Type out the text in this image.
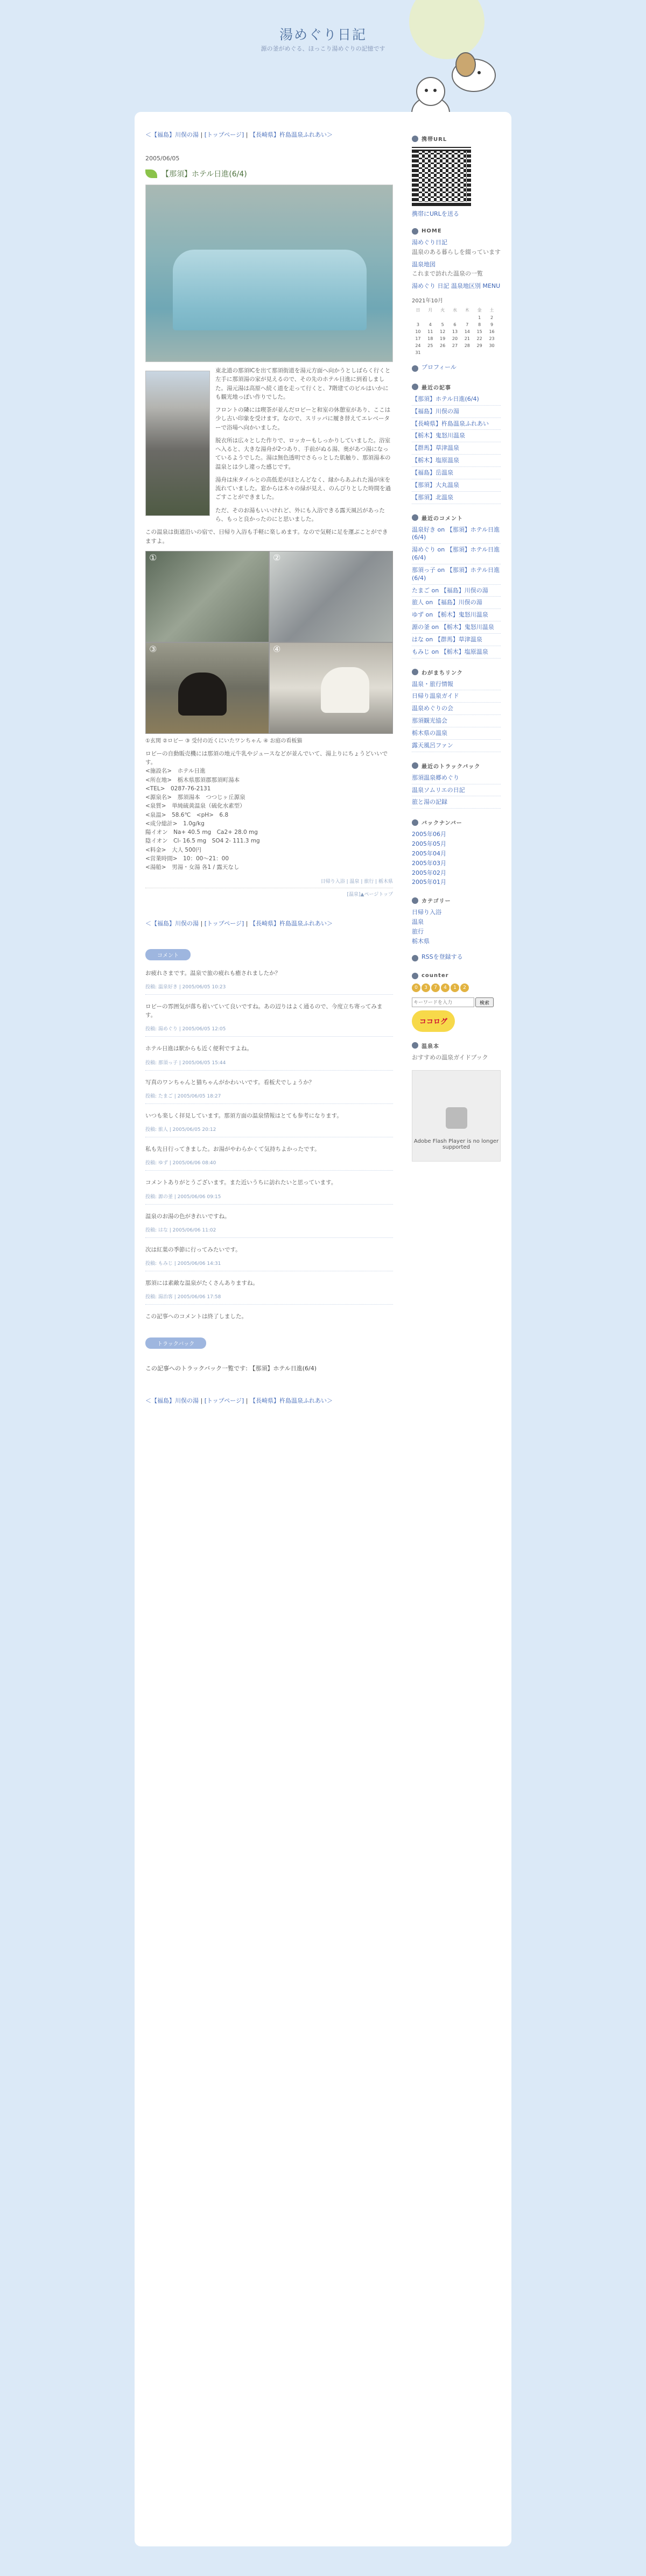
湯めぐり日記
源の釜がめぐる、ほっこり湯めぐりの記憶です
＜【福島】川俣の湯 | [トップページ] | 【長崎県】杵島温泉ふれあい＞
2005/06/05
【那須】ホテル日進(6/4)

東北道の那須ICを出て那須街道を湯元方面へ向かうとしばらく行くと左手に那須湯の家が見えるので、その先のホテル日進に到着しました。湯元湯は高原へ続く道を走って行くと、7階建てのビルはいかにも観光地っぽい作りでした。

フロントの隣には喫茶が並んだロビーと和室の休憩室があり、ここは少し古い印象を受けます。なので、スリッパに履き替えてエレベーターで浴場へ向かいました。

脱衣所は広々とした作りで、ロッカーもしっかりしていました。浴室へ入ると、大きな湯舟が2つあり、手前がぬる湯、奥があつ湯になっているようでした。湯は無色透明でさらっとした肌触り、那須湯本の温泉とは少し違った感じです。

湯舟は床タイルとの高低差がほとんどなく、縁からあふれた湯が床を流れていました。窓からは木々の緑が見え、のんびりとした時間を過ごすことができました。

ただ、そのお湯もいいけれど、外にも入浴できる露天風呂があったら、もっと良かったのにと思いました。

この温泉は街道沿いの宿で、日帰り入浴も手軽に楽しめます。なので気軽に足を運ぶことができますよ。

①	②
③	④
①玄関 ②ロビー ③ 受付の近くにいたワンちゃん ④ お庭の看板猫

ロビーの自動販売機には那須の地元牛乳やジュースなどが並んでいて、湯上りにちょうどいいです。

<施設名>　ホテル日進

<所在地>　栃木県那須郡那須町湯本

<TEL>　0287-76-2131

<源泉名>　那須湯本　つつじヶ丘源泉

<泉質>　単純硫黄温泉（硫化水素型）

<泉温>　58.6℃　<pH>　6.8

<成分総計>　1.0g/kg

陽イオン　Na+ 40.5 mg　Ca2+ 28.0 mg

陰イオン　Cl- 16.5 mg　SO4 2- 111.3 mg

<料金>　大人 500円

<営業時間>　10：00～21：00

<湯船>　男湯・女湯 各1 / 露天なし

日帰り入浴 | 温泉 | 旅行 | 栃木県
[温泉]▲ページトップ
＜【福島】川俣の湯 | [トップページ] | 【長崎県】杵島温泉ふれあい＞
コメント
お疲れさまです。温泉で旅の疲れも癒されましたか？
投稿: 温泉好き | 2005/06/05 10:23
ロビーの雰囲気が落ち着いていて良いですね。あの辺りはよく通るので、今度立ち寄ってみます。
投稿: 湯めぐり | 2005/06/05 12:05
ホテル日進は駅からも近く便利ですよね。
投稿: 那須っ子 | 2005/06/05 15:44
写真のワンちゃんと猫ちゃんがかわいいです。看板犬でしょうか？
投稿: たまご | 2005/06/05 18:27
いつも楽しく拝見しています。那須方面の温泉情報はとても参考になります。
投稿: 旅人 | 2005/06/05 20:12
私も先日行ってきました。お湯がやわらかくて気持ちよかったです。
投稿: ゆず | 2005/06/06 08:40
コメントありがとうございます。また近いうちに訪れたいと思っています。
投稿: 源の釜 | 2005/06/06 09:15
温泉のお湯の色がきれいですね。
投稿: はな | 2005/06/06 11:02
次は紅葉の季節に行ってみたいです。
投稿: もみじ | 2005/06/06 14:31
那須には素敵な温泉がたくさんありますね。
投稿: 湯治客 | 2005/06/06 17:58
この記事へのコメントは終了しました。
トラックバック
この記事へのトラックバック一覧です: 【那須】ホテル日進(6/4)
＜【福島】川俣の湯 | [トップページ] | 【長崎県】杵島温泉ふれあい＞
携帯URL
携帯にURLを送る
HOME
湯めぐり日記
温泉のある暮らしを綴っています
温泉地図
これまで訪れた温泉の一覧
湯めぐり 日記 温泉地区別 MENU
2021年10月
日	月	火	水	木	金	土
					1	2
3	4	5	6	7	8	9
10	11	12	13	14	15	16
17	18	19	20	21	22	23
24	25	26	27	28	29	30
31						
プロフィール
最近の記事
【那須】ホテル日進(6/4)
【福島】川俣の湯
【長崎県】杵島温泉ふれあい
【栃木】鬼怒川温泉
【群馬】草津温泉
【栃木】塩原温泉
【福島】岳温泉
【那須】大丸温泉
【那須】北温泉
最近のコメント
温泉好き on 【那須】ホテル日進(6/4)
湯めぐり on 【那須】ホテル日進(6/4)
那須っ子 on 【那須】ホテル日進(6/4)
たまご on 【福島】川俣の湯
旅人 on 【福島】川俣の湯
ゆず on 【栃木】鬼怒川温泉
源の釜 on 【栃木】鬼怒川温泉
はな on 【群馬】草津温泉
もみじ on 【栃木】塩原温泉
わがまちリンク
温泉・旅行情報
日帰り温泉ガイド
温泉めぐりの会
那須観光協会
栃木県の温泉
露天風呂ファン
最近のトラックバック
那須温泉郷めぐり
温泉ソムリエの日記
旅と湯の記録
バックナンバー
2005年06月
2005年05月
2005年04月
2005年03月
2005年02月
2005年01月
カテゴリー
日帰り入浴
温泉
旅行
栃木県
RSSを登録する
counter
0	3	7	4	1	2
キーワードを入力
検索
ココログ
温泉本
おすすめの温泉ガイドブック
Adobe Flash Player is no longer supported
